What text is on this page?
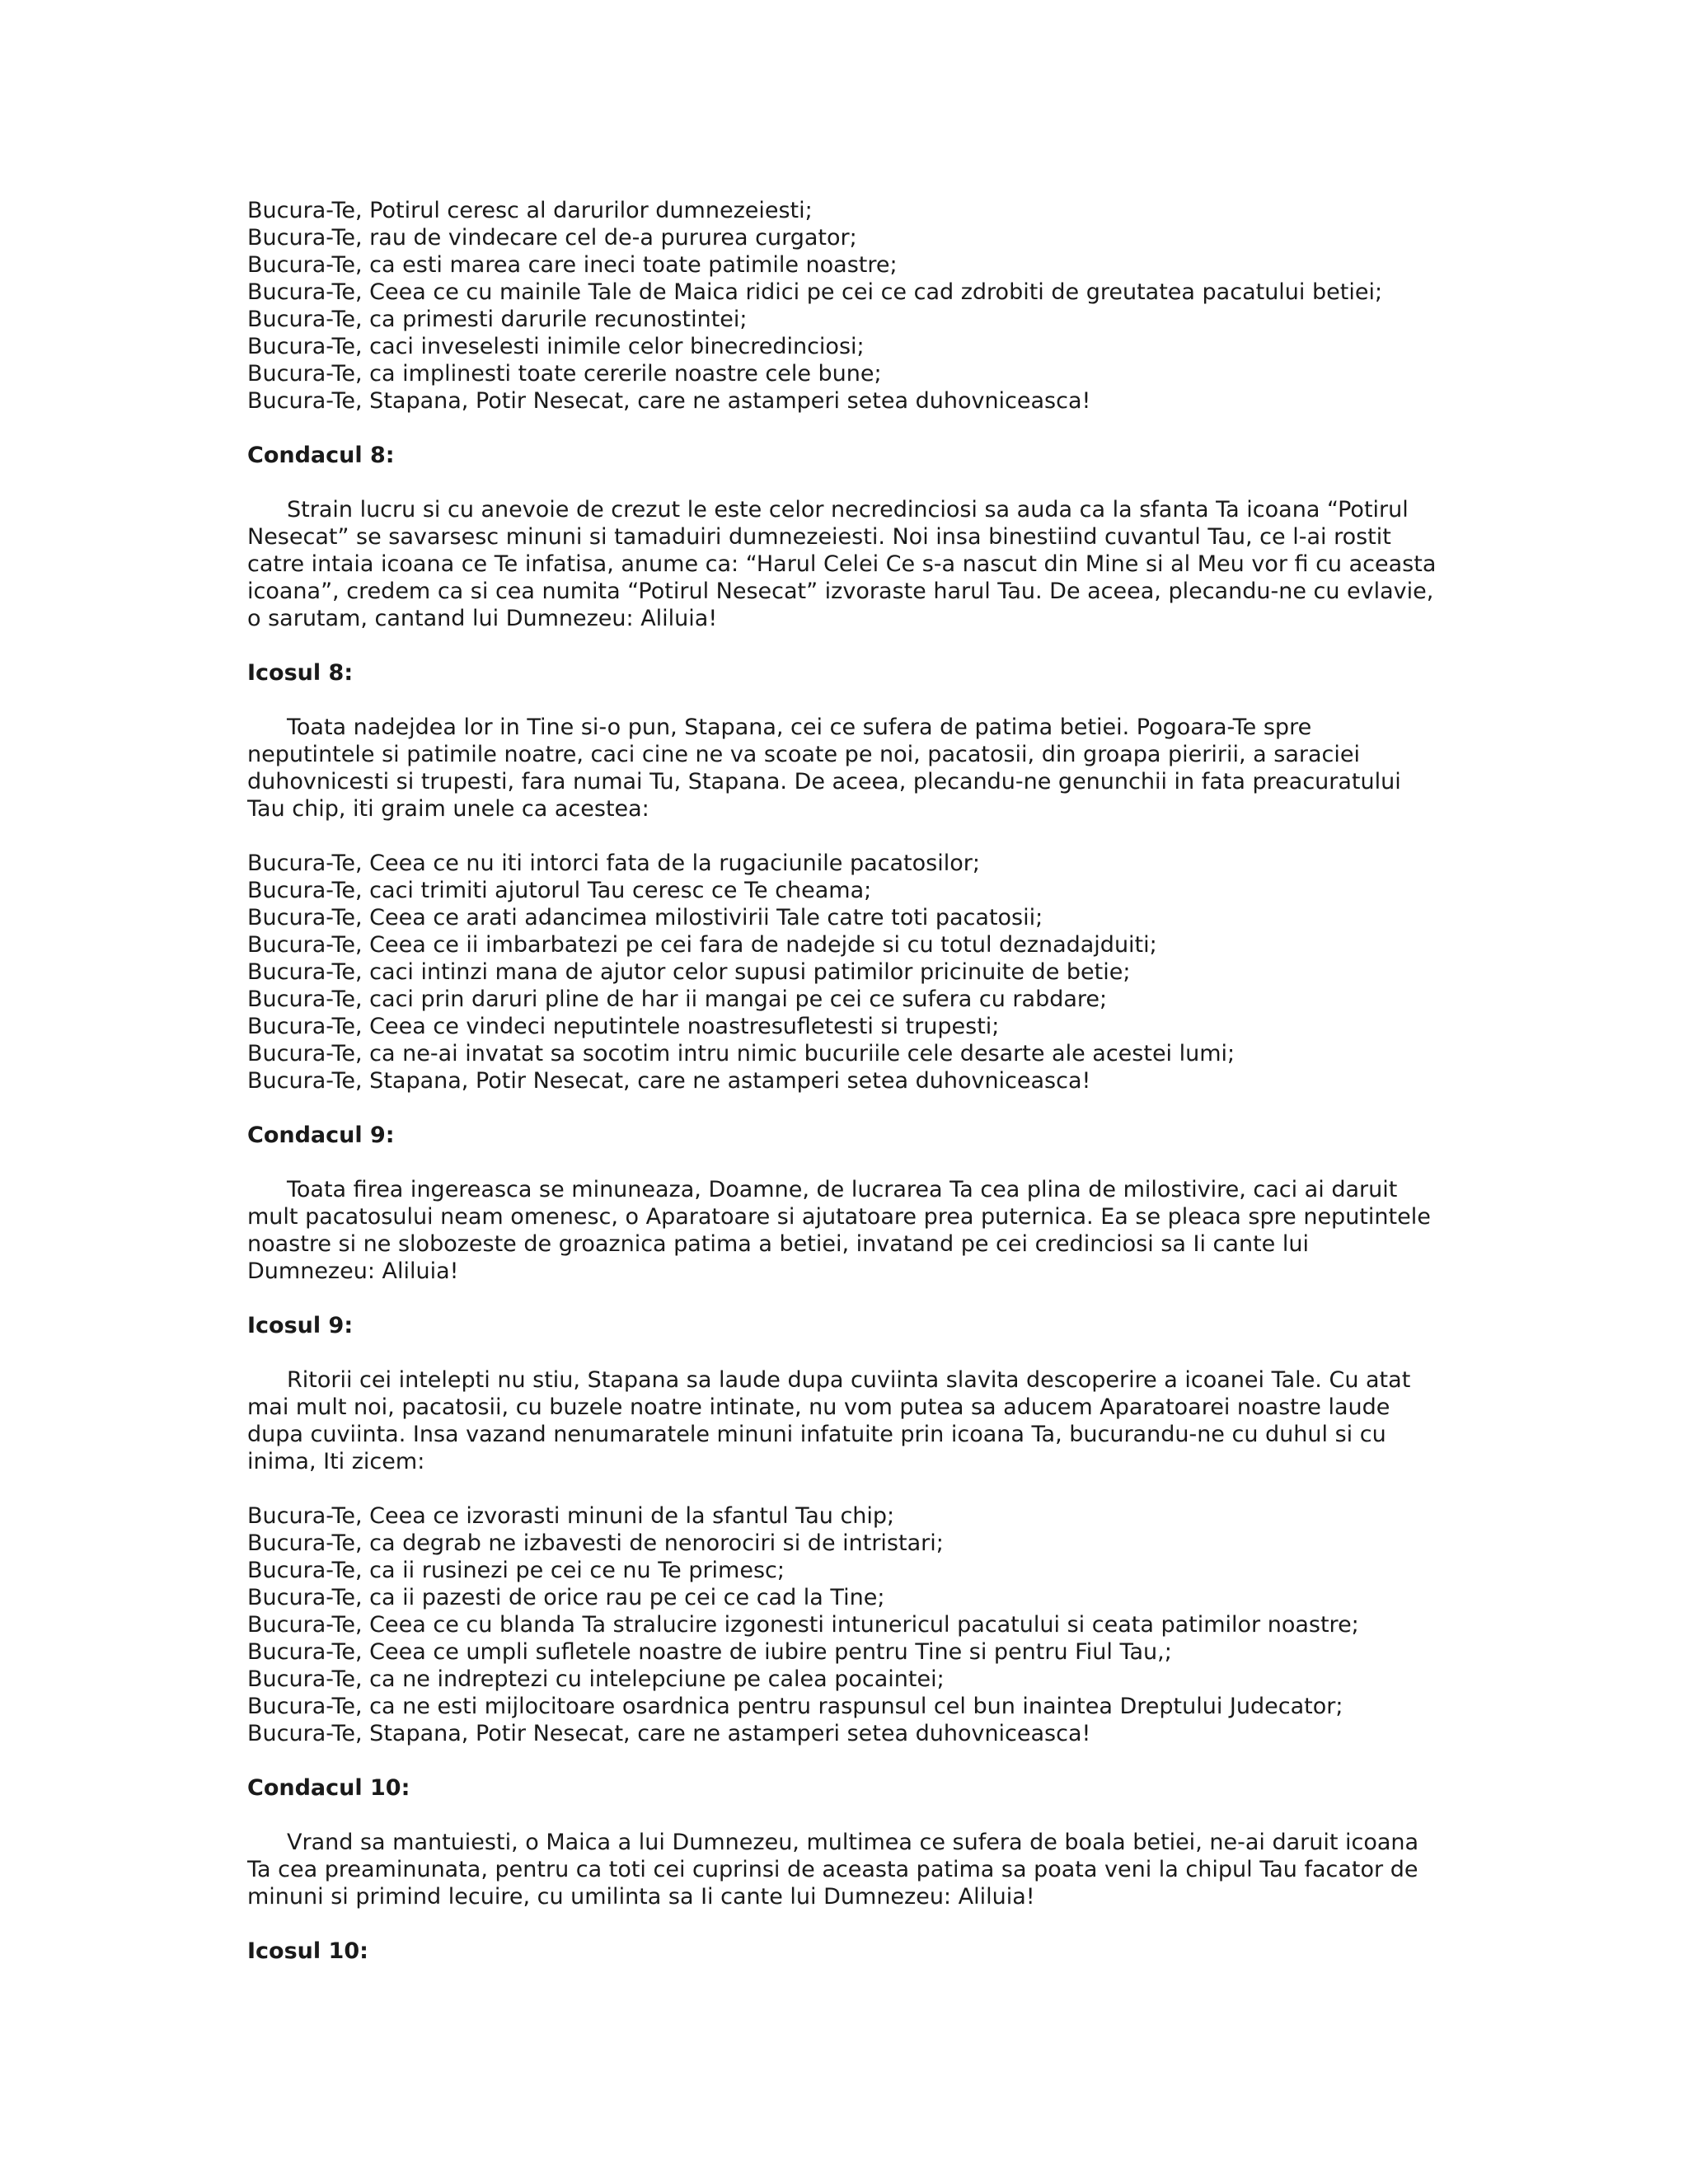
Bucura-Te, Potirul ceresc al darurilor dumnezeiesti;
Bucura-Te, rau de vindecare cel de-a pururea curgator;
Bucura-Te, ca esti marea care ineci toate patimile noastre;
Bucura-Te, Ceea ce cu mainile Tale de Maica ridici pe cei ce cad zdrobiti de greutatea pacatului betiei;
Bucura-Te, ca primesti darurile recunostintei;
Bucura-Te, caci inveselesti inimile celor binecredinciosi;
Bucura-Te, ca implinesti toate cererile noastre cele bune;
Bucura-Te, Stapana, Potir Nesecat, care ne astamperi setea duhovniceasca!
Condacul 8:
Strain lucru si cu anevoie de crezut le este celor necredinciosi sa auda ca la sfanta Ta icoana “Potirul
Nesecat” se savarsesc minuni si tamaduiri dumnezeiesti. Noi insa binestiind cuvantul Tau, ce l-ai rostit
catre intaia icoana ce Te infatisa, anume ca: “Harul Celei Ce s-a nascut din Mine si al Meu vor fi cu aceasta
icoana”, credem ca si cea numita “Potirul Nesecat” izvoraste harul Tau. De aceea, plecandu-ne cu evlavie,
o sarutam, cantand lui Dumnezeu: Aliluia!
Icosul 8:
Toata nadejdea lor in Tine si-o pun, Stapana, cei ce sufera de patima betiei. Pogoara-Te spre
neputintele si patimile noatre, caci cine ne va scoate pe noi, pacatosii, din groapa pieririi, a saraciei
duhovnicesti si trupesti, fara numai Tu, Stapana. De aceea, plecandu-ne genunchii in fata preacuratului
Tau chip, iti graim unele ca acestea:
Bucura-Te, Ceea ce nu iti intorci fata de la rugaciunile pacatosilor;
Bucura-Te, caci trimiti ajutorul Tau ceresc ce Te cheama;
Bucura-Te, Ceea ce arati adancimea milostivirii Tale catre toti pacatosii;
Bucura-Te, Ceea ce ii imbarbatezi pe cei fara de nadejde si cu totul deznadajduiti;
Bucura-Te, caci intinzi mana de ajutor celor supusi patimilor pricinuite de betie;
Bucura-Te, caci prin daruri pline de har ii mangai pe cei ce sufera cu rabdare;
Bucura-Te, Ceea ce vindeci neputintele noastresufletesti si trupesti;
Bucura-Te, ca ne-ai invatat sa socotim intru nimic bucuriile cele desarte ale acestei lumi;
Bucura-Te, Stapana, Potir Nesecat, care ne astamperi setea duhovniceasca!
Condacul 9:
Toata firea ingereasca se minuneaza, Doamne, de lucrarea Ta cea plina de milostivire, caci ai daruit
mult pacatosului neam omenesc, o Aparatoare si ajutatoare prea puternica. Ea se pleaca spre neputintele
noastre si ne slobozeste de groaznica patima a betiei, invatand pe cei credinciosi sa Ii cante lui
Dumnezeu: Aliluia!
Icosul 9:
Ritorii cei intelepti nu stiu, Stapana sa laude dupa cuviinta slavita descoperire a icoanei Tale. Cu atat
mai mult noi, pacatosii, cu buzele noatre intinate, nu vom putea sa aducem Aparatoarei noastre laude
dupa cuviinta. Insa vazand nenumaratele minuni infatuite prin icoana Ta, bucurandu-ne cu duhul si cu
inima, Iti zicem:
Bucura-Te, Ceea ce izvorasti minuni de la sfantul Tau chip;
Bucura-Te, ca degrab ne izbavesti de nenorociri si de intristari;
Bucura-Te, ca ii rusinezi pe cei ce nu Te primesc;
Bucura-Te, ca ii pazesti de orice rau pe cei ce cad la Tine;
Bucura-Te, Ceea ce cu blanda Ta stralucire izgonesti intunericul pacatului si ceata patimilor noastre;
Bucura-Te, Ceea ce umpli sufletele noastre de iubire pentru Tine si pentru Fiul Tau,;
Bucura-Te, ca ne indreptezi cu intelepciune pe calea pocaintei;
Bucura-Te, ca ne esti mijlocitoare osardnica pentru raspunsul cel bun inaintea Dreptului Judecator;
Bucura-Te, Stapana, Potir Nesecat, care ne astamperi setea duhovniceasca!
Condacul 10:
Vrand sa mantuiesti, o Maica a lui Dumnezeu, multimea ce sufera de boala betiei, ne-ai daruit icoana
Ta cea preaminunata, pentru ca toti cei cuprinsi de aceasta patima sa poata veni la chipul Tau facator de
minuni si primind lecuire, cu umilinta sa Ii cante lui Dumnezeu: Aliluia!
Icosul 10:
